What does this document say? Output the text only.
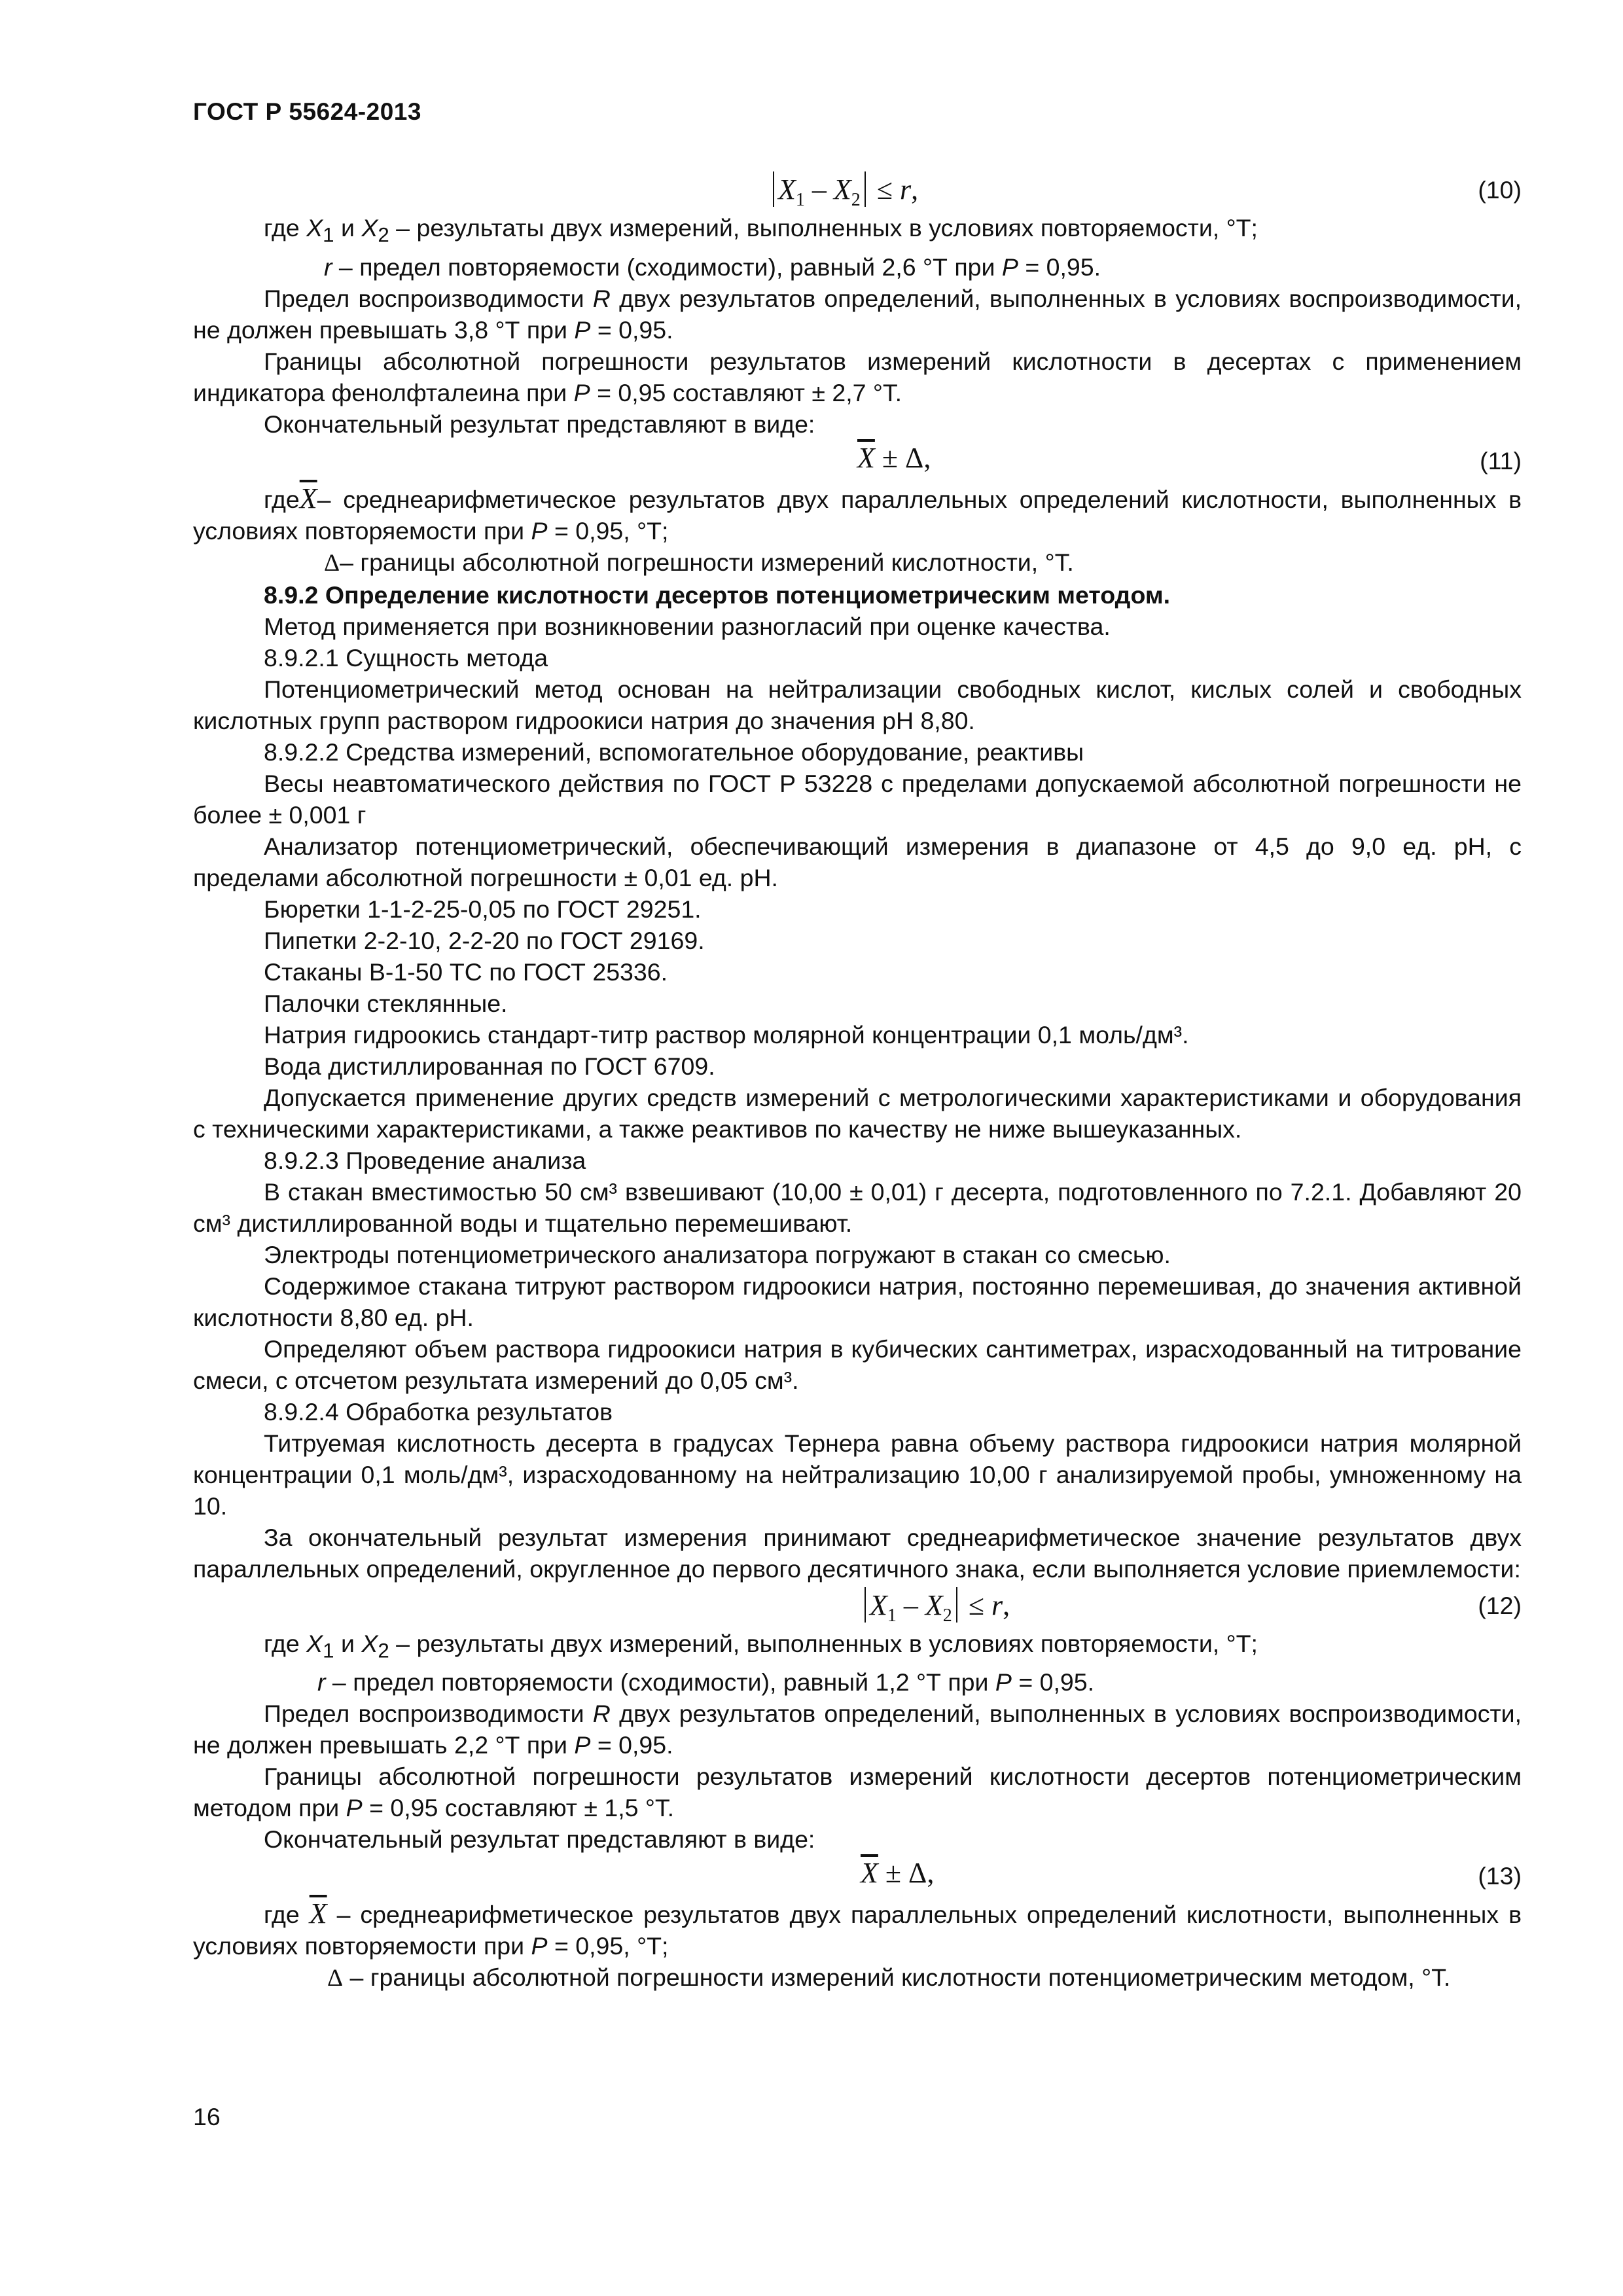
ГОСТ Р 55624-2013
$X_1 - X_2 \le r$,	(10)
где $X_1$ и $X_2$ – результаты двух измерений, выполненных в условиях повторяемости, °Т;
r – предел повторяемости (сходимости), равный 2,6 °Т при P = 0,95.

Предел воспроизводимости R двух результатов определений, выполненных в условиях воспроизводимости, не должен превышать 3,8 °Т при P = 0,95.

Границы абсолютной погрешности результатов измерений кислотности в десертах с применением индикатора фенолфталеина при P = 0,95 составляют ± 2,7 °Т.

Окончательный результат представляют в виде:
$\overline{X} \pm \Delta$,	(11)

$где\overline{X}-$ среднеарифметическое результатов двух параллельных определений кислотности, выполненных в условиях повторяемости при P = 0,95, °Т;

Δ– границы абсолютной погрешности измерений кислотности, °Т.
8.9.2 Определение кислотности десертов потенциометрическим методом.
Метод применяется при возникновении разногласий при оценке качества.
8.9.2.1 Сущность метода

Потенциометрический метод основан на нейтрализации свободных кислот, кислых солей и свободных кислотных групп раствором гидроокиси натрия до значения pH 8,80.

8.9.2.2 Средства измерений, вспомогательное оборудование, реактивы

Весы неавтоматического действия по ГОСТ Р 53228 с пределами допускаемой абсолютной погрешности не более ± 0,001 г

Анализатор потенциометрический, обеспечивающий измерения в диапазоне от 4,5 до 9,0 ед. pH, с пределами абсолютной погрешности ± 0,01 ед. pH.

Бюретки 1-1-2-25-0,05 по ГОСТ 29251.
Пипетки 2-2-10, 2-2-20 по ГОСТ 29169.
Стаканы В-1-50 ТС по ГОСТ 25336.
Палочки стеклянные.
Натрия гидроокись стандарт-титр раствор молярной концентрации 0,1 моль/дм³.
Вода дистиллированная по ГОСТ 6709.

Допускается применение других средств измерений с метрологическими характеристиками и оборудования с техническими характеристиками, а также реактивов по качеству не ниже вышеуказанных.

8.9.2.3 Проведение анализа

В стакан вместимостью 50 см³ взвешивают (10,00 ± 0,01) г десерта, подготовленного по 7.2.1. Добавляют 20 см³ дистиллированной воды и тщательно перемешивают.

Электроды потенциометрического анализатора погружают в стакан со смесью.

Содержимое стакана титруют раствором гидроокиси натрия, постоянно перемешивая, до значения активной кислотности 8,80 ед. pH.

Определяют объем раствора гидроокиси натрия в кубических сантиметрах, израсходованный на титрование смеси, с отсчетом результата измерений до 0,05 см³.

8.9.2.4 Обработка результатов

Титруемая кислотность десерта в градусах Тернера равна объему раствора гидроокиси натрия молярной концентрации 0,1 моль/дм³, израсходованному на нейтрализацию 10,00 г анализируемой пробы, умноженному на 10.

За окончательный результат измерения принимают среднеарифметическое значение результатов двух параллельных определений, округленное до первого десятичного знака, если выполняется условие приемлемости:

$X_1 - X_2 \le r$,	(12)
где $X_1$ и $X_2$ – результаты двух измерений, выполненных в условиях повторяемости, °Т;
r – предел повторяемости (сходимости), равный 1,2 °Т при P = 0,95.

Предел воспроизводимости R двух результатов определений, выполненных в условиях воспроизводимости, не должен превышать 2,2 °Т при P = 0,95.

Границы абсолютной погрешности результатов измерений кислотности десертов потенциометрическим методом при P = 0,95 составляют ± 1,5 °Т.

Окончательный результат представляют в виде:
$\overline{X} \pm \Delta$,	(13)

где $\overline{X}$ – среднеарифметическое результатов двух параллельных определений кислотности, выполненных в условиях повторяемости при P = 0,95, °Т;

Δ – границы абсолютной погрешности измерений кислотности потенциометрическим методом, °Т.

16
